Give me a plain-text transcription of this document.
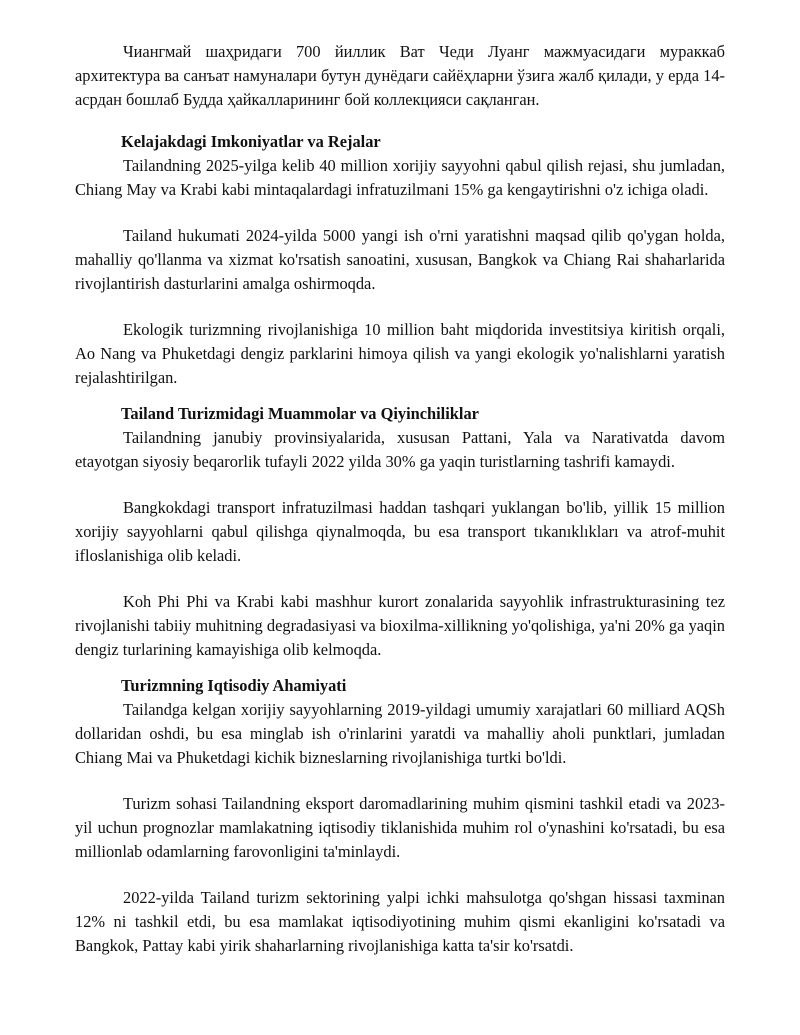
Чиангмай шаҳридаги 700 йиллик Ват Чеди Луанг мажмуасидаги мураккаб архитектура ва санъат намуналари бутун дунёдаги сайёҳларни ўзига жалб қилади, у ерда 14-асрдан бошлаб Будда ҳайкалларининг бой коллекцияси сақланган.

Kelajakdagi Imkoniyatlar va Rejalar

Tailandning 2025-yilga kelib 40 million xorijiy sayyohni qabul qilish rejasi, shu jumladan, Chiang May va Krabi kabi mintaqalardagi infratuzilmani 15% ga kengaytirishni o'z ichiga oladi.

Tailand hukumati 2024-yilda 5000 yangi ish o'rni yaratishni maqsad qilib qo'ygan holda, mahalliy qo'llanma va xizmat ko'rsatish sanoatini, xususan, Bangkok va Chiang Rai shaharlarida rivojlantirish dasturlarini amalga oshirmoqda.

Ekologik turizmning rivojlanishiga 10 million baht miqdorida investitsiya kiritish orqali, Ao Nang va Phuketdagi dengiz parklarini himoya qilish va yangi ekologik yo'nalishlarni yaratish rejalashtirilgan.

Tailand Turizmidagi Muammolar va Qiyinchiliklar

Tailandning janubiy provinsiyalarida, xususan Pattani, Yala va Narativatda davom etayotgan siyosiy beqarorlik tufayli 2022 yilda 30% ga yaqin turistlarning tashrifi kamaydi.

Bangkokdagi transport infratuzilmasi haddan tashqari yuklangan bo'lib, yillik 15 million xorijiy sayyohlarni qabul qilishga qiynalmoqda, bu esa transport tıkanıklıkları va atrof-muhit ifloslanishiga olib keladi.

Koh Phi Phi va Krabi kabi mashhur kurort zonalarida sayyohlik infrastrukturasining tez rivojlanishi tabiiy muhitning degradasiyasi va bioxilma-xillikning yo'qolishiga, ya'ni 20% ga yaqin dengiz turlarining kamayishiga olib kelmoqda.

Turizmning Iqtisodiy Ahamiyati

Tailandga kelgan xorijiy sayyohlarning 2019-yildagi umumiy xarajatlari 60 milliard AQSh dollaridan oshdi, bu esa minglab ish o'rinlarini yaratdi va mahalliy aholi punktlari, jumladan Chiang Mai va Phuketdagi kichik bizneslarning rivojlanishiga turtki bo'ldi.

Turizm sohasi Tailandning eksport daromadlarining muhim qismini tashkil etadi va 2023-yil uchun prognozlar mamlakatning iqtisodiy tiklanishida muhim rol o'ynashini ko'rsatadi, bu esa millionlab odamlarning farovonligini ta'minlaydi.

2022-yilda Tailand turizm sektorining yalpi ichki mahsulotga qo'shgan hissasi taxminan 12% ni tashkil etdi, bu esa mamlakat iqtisodiyotining muhim qismi ekanligini ko'rsatadi va Bangkok, Pattay kabi yirik shaharlarning rivojlanishiga katta ta'sir ko'rsatdi.
